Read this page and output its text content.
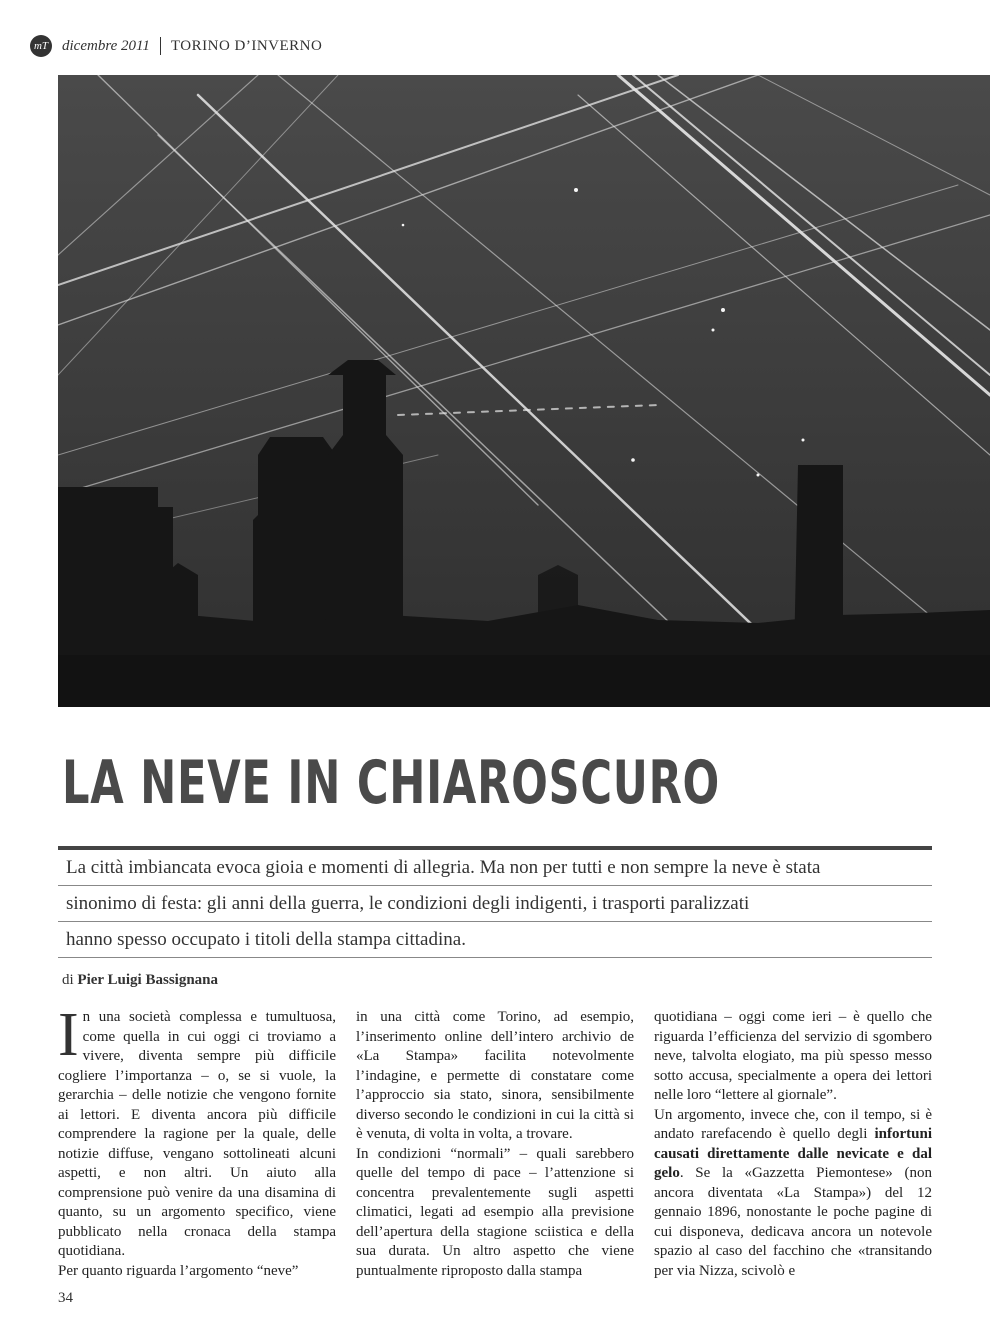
mT dicembre 2011 TORINO D’INVERNO
LA NEVE IN CHIAROSCURO
La città imbiancata evoca gioia e momenti di allegria. Ma non per tutti e non sempre la neve è stata
sinonimo di festa: gli anni della guerra, le condizioni degli indigenti, i trasporti paralizzati
hanno spesso occupato i titoli della stampa cittadina.
di Pier Luigi Bassignana

In una società complessa e tumultuosa, come quella in cui oggi ci troviamo a vivere, diventa sempre più difficile cogliere l’importanza – o, se si vuole, la gerarchia – delle notizie che vengono fornite ai lettori. E diventa ancora più difficile comprendere la ragione per la quale, delle notizie diffuse, vengano sottolineati alcuni aspetti, e non altri. Un aiuto alla comprensione può venire da una disamina di quanto, su un argomento specifico, viene pubblicato nella cronaca della stampa quotidiana.

Per quanto riguarda l’argomento “neve”

in una città come Torino, ad esempio, l’inserimento online dell’intero archivio de «La Stampa» facilita notevolmente l’indagine, e permette di constatare come l’approccio sia stato, sinora, sensibilmente diverso secondo le condizioni in cui la città si è venuta, di volta in volta, a trovare.

In condizioni “normali” – quali sarebbero quelle del tempo di pace – l’attenzione si concentra prevalentemente sugli aspetti climatici, legati ad esempio alla previsione dell’apertura della stagione sciistica e della sua durata. Un altro aspetto che viene puntualmente riproposto dalla stampa

quotidiana – oggi come ieri – è quello che riguarda l’efficienza del servizio di sgombero neve, talvolta elogiato, ma più spesso messo sotto accusa, specialmente a opera dei lettori nelle loro “lettere al giornale”.

Un argomento, invece che, con il tempo, si è andato rarefacendo è quello degli infortuni causati direttamente dalle nevicate e dal gelo. Se la «Gazzetta Piemontese» (non ancora diventata «La Stampa») del 12 gennaio 1896, nonostante le poche pagine di cui disponeva, dedicava ancora un notevole spazio al caso del facchino che «transitando per via Nizza, scivolò e

34
